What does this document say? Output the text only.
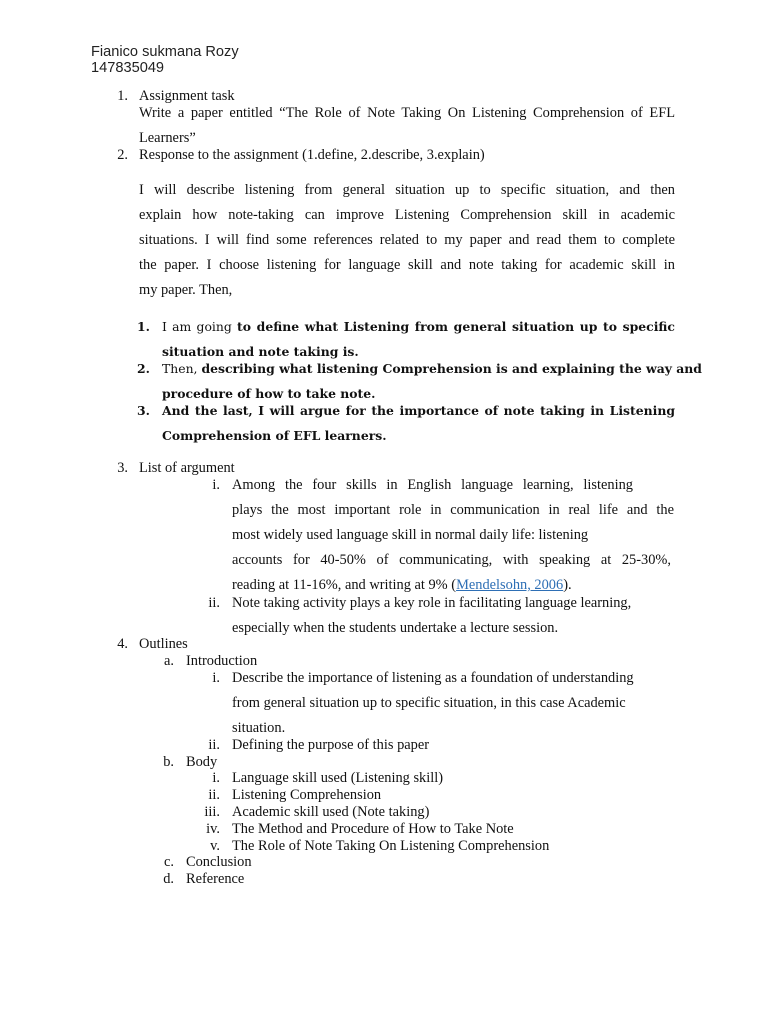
Fianico sukmana Rozy
147835049
1. Assignment task
Write a paper entitled “The Role of Note Taking On Listening Comprehension of EFL
Learners”
2. Response to the assignment (1.define, 2.describe, 3.explain)
I will describe listening from general situation up to specific situation, and then
explain how note-taking can improve Listening Comprehension skill in academic
situations. I will find some references related to my paper and read them to complete
the paper. I choose listening for language skill and note taking for academic skill in
my paper. Then,
1. I am going to define what Listening from general situation up to specific
situation and note taking is.
2. Then, describing what listening Comprehension is and explaining the way and
procedure of how to take note.
3. And the last, I will argue for the importance of note taking in Listening
Comprehension of EFL learners.
3. List of argument
i. Among the four skills in English language learning, listening
plays the most important role in communication in real life and the
most widely used language skill in normal daily life: listening
accounts for 40-50% of communicating, with speaking at 25-30%,
reading at 11-16%, and writing at 9% (Mendelsohn, 2006).
ii. Note taking activity plays a key role in facilitating language learning,
especially when the students undertake a lecture session.
4. Outlines
a. Introduction
i. Describe the importance of listening as a foundation of understanding
from general situation up to specific situation, in this case Academic
situation.
ii. Defining the purpose of this paper
b. Body
i. Language skill used (Listening skill)
ii. Listening Comprehension
iii. Academic skill used (Note taking)
iv. The Method and Procedure of How to Take Note
v. The Role of Note Taking On Listening Comprehension
c. Conclusion
d. Reference
